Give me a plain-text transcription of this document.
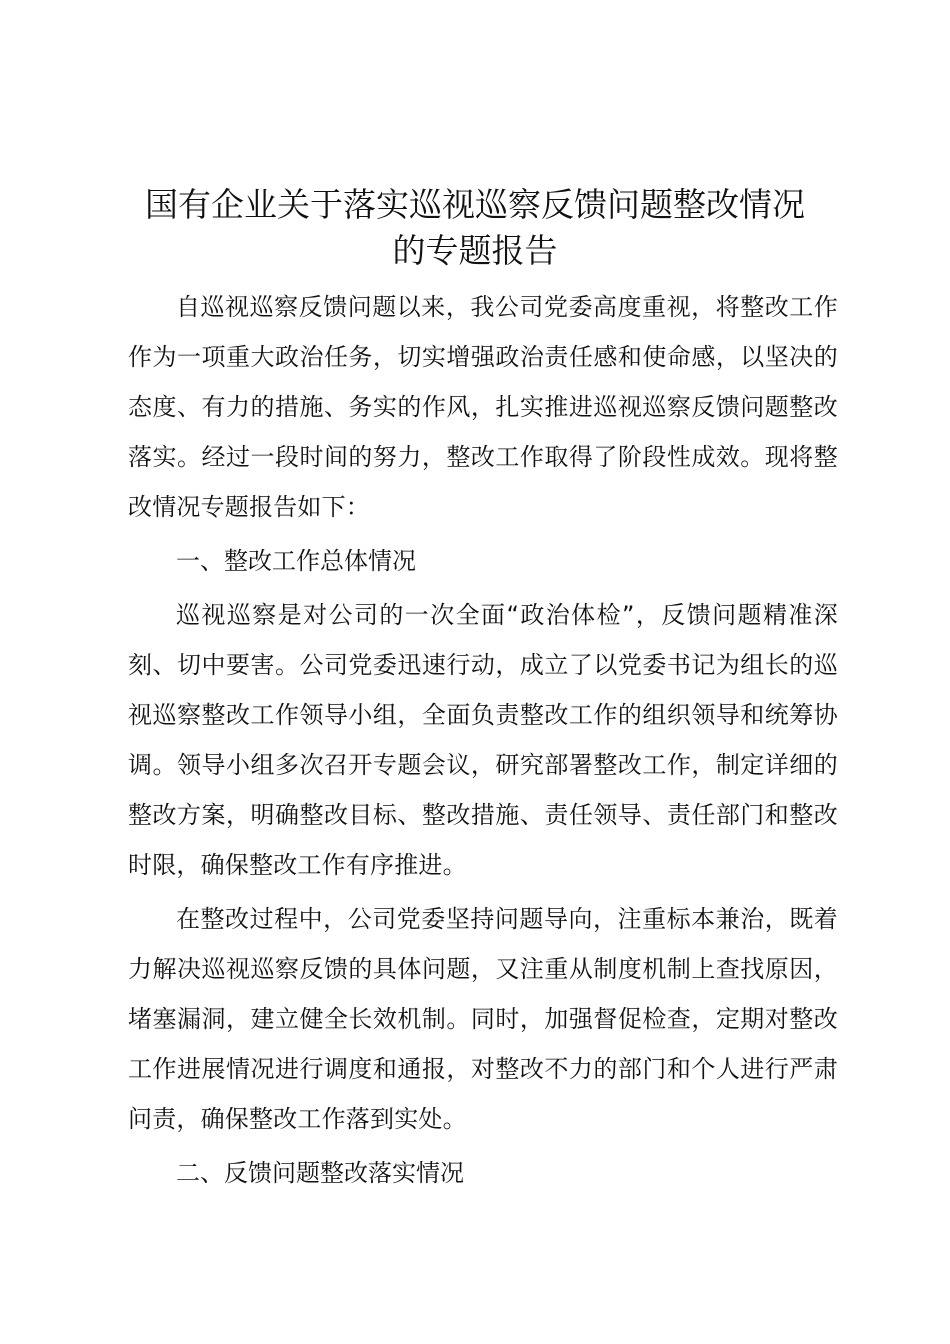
国有企业关于落实巡视巡察反馈问题整改情况
的专题报告

自巡视巡察反馈问题以来，我公司党委高度重视，将整改工作作为一项重大政治任务，切实增强政治责任感和使命感，以坚决的态度、有力的措施、务实的作风，扎实推进巡视巡察反馈问题整改落实。经过一段时间的努力，整改工作取得了阶段性成效。现将整改情况专题报告如下：

一、整改工作总体情况

巡视巡察是对公司的一次全面“政治体检”，反馈问题精准深刻、切中要害。公司党委迅速行动，成立了以党委书记为组长的巡视巡察整改工作领导小组，全面负责整改工作的组织领导和统筹协调。领导小组多次召开专题会议，研究部署整改工作，制定详细的整改方案，明确整改目标、整改措施、责任领导、责任部门和整改时限，确保整改工作有序推进。

在整改过程中，公司党委坚持问题导向，注重标本兼治，既着力解决巡视巡察反馈的具体问题，又注重从制度机制上查找原因，堵塞漏洞，建立健全长效机制。同时，加强督促检查，定期对整改工作进展情况进行调度和通报，对整改不力的部门和个人进行严肃问责，确保整改工作落到实处。

二、反馈问题整改落实情况
